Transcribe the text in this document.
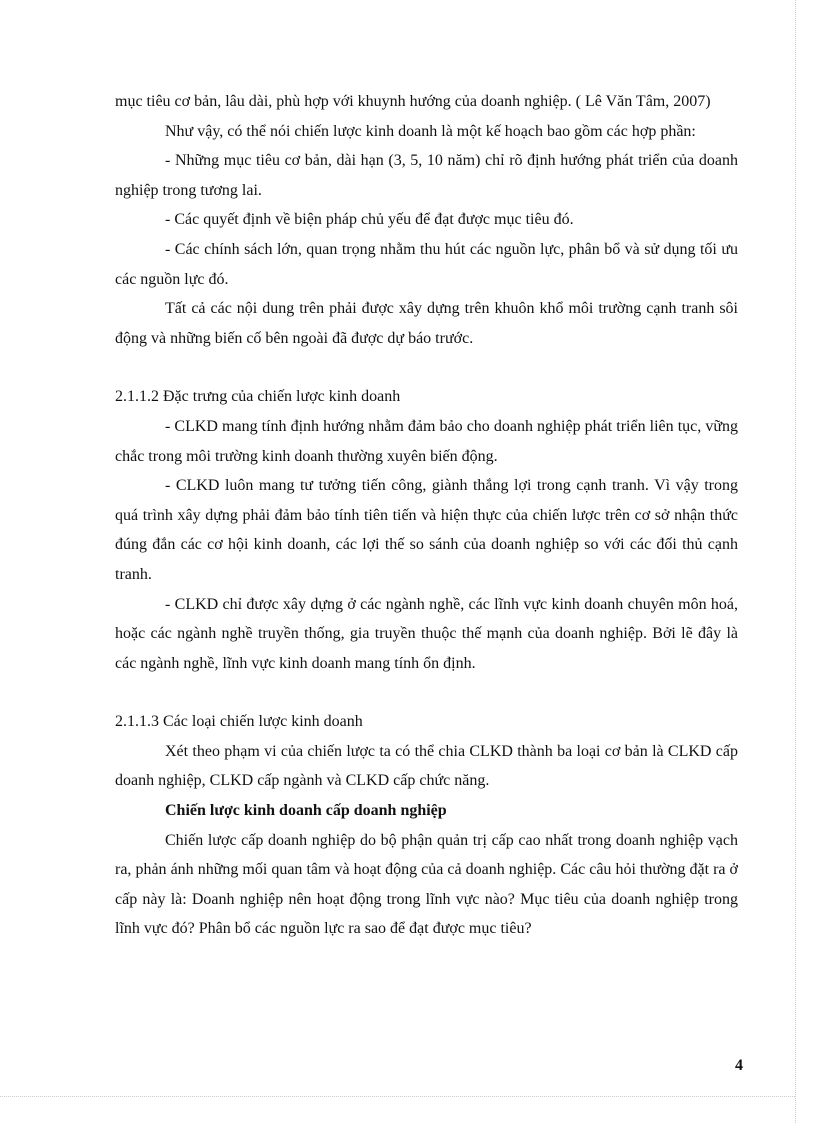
mục tiêu cơ bản, lâu dài, phù hợp với khuynh hướng của doanh nghiệp. ( Lê Văn Tâm, 2007)

Như vậy, có thể nói chiến lược kinh doanh là một kế hoạch bao gồm các hợp phần:

- Những mục tiêu cơ bản, dài hạn (3, 5, 10 năm) chỉ rõ định hướng phát triển của doanh nghiệp trong tương lai.

- Các quyết định về biện pháp chủ yếu để đạt được mục tiêu đó.

- Các chính sách lớn, quan trọng nhằm thu hút các nguồn lực, phân bổ và sử dụng tối ưu các nguồn lực đó.

Tất cả các nội dung trên phải được xây dựng trên khuôn khổ môi trường cạnh tranh sôi động và những biến cố bên ngoài đã được dự báo trước.

2.1.1.2 Đặc trưng của chiến lược kinh doanh

- CLKD mang tính định hướng nhằm đảm bảo cho doanh nghiệp phát triển liên tục, vững chắc trong môi trường kinh doanh thường xuyên biến động.

- CLKD luôn mang tư tưởng tiến công, giành thắng lợi trong cạnh tranh. Vì vậy trong quá trình xây dựng phải đảm bảo tính tiên tiến và hiện thực của chiến lược trên cơ sở nhận thức đúng đắn các cơ hội kinh doanh, các lợi thế so sánh của doanh nghiệp so với các đối thủ cạnh tranh.

- CLKD chỉ được xây dựng ở các ngành nghề, các lĩnh vực kinh doanh chuyên môn hoá, hoặc các ngành nghề truyền thống, gia truyền thuộc thế mạnh của doanh nghiệp. Bởi lẽ đây là các ngành nghề, lĩnh vực kinh doanh mang tính ổn định.

2.1.1.3 Các loại chiến lược kinh doanh

Xét theo phạm vi của chiến lược ta có thể chia CLKD thành ba loại cơ bản là CLKD cấp doanh nghiệp, CLKD cấp ngành và CLKD cấp chức năng.

Chiến lược kinh doanh cấp doanh nghiệp

Chiến lược cấp doanh nghiệp do bộ phận quản trị cấp cao nhất trong doanh nghiệp vạch ra, phản ánh những mối quan tâm và hoạt động của cả doanh nghiệp. Các câu hỏi thường đặt ra ở cấp này là: Doanh nghiệp nên hoạt động trong lĩnh vực nào? Mục tiêu của doanh nghiệp trong lĩnh vực đó? Phân bổ các nguồn lực ra sao để đạt được mục tiêu?

4
